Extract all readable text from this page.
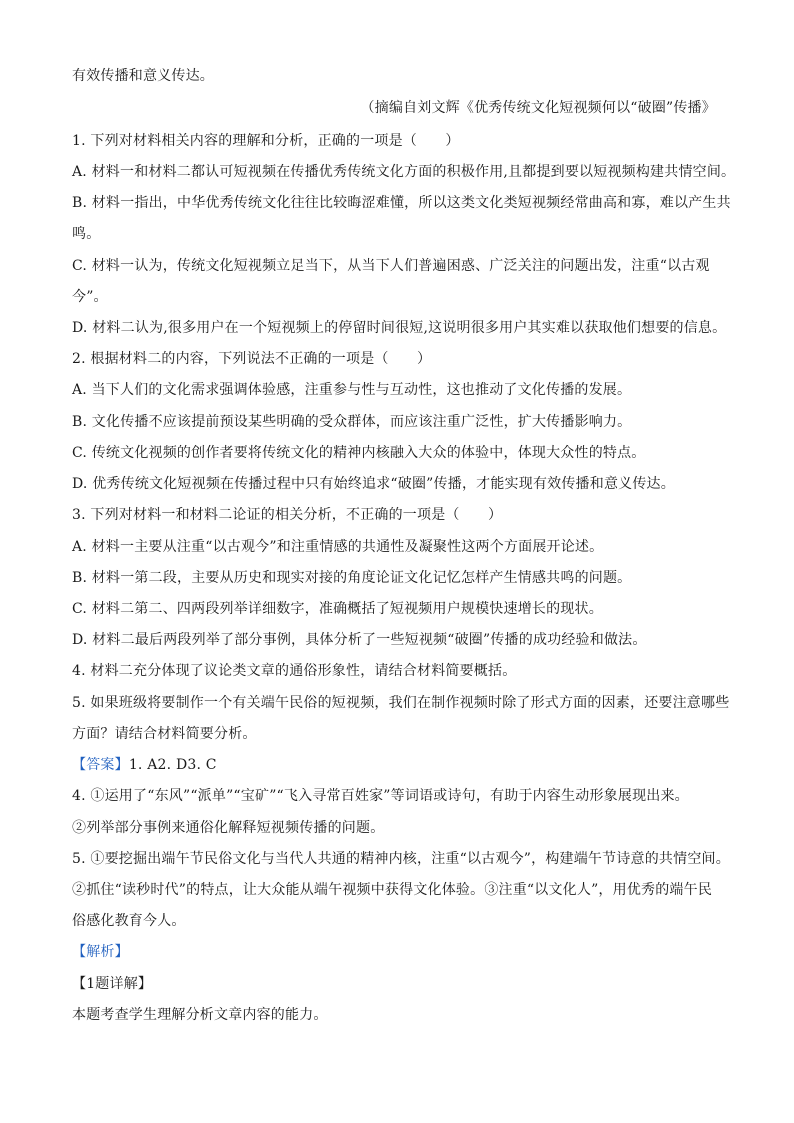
有效传播和意义传达。
（摘编自刘文辉《优秀传统文化短视频何以“破圈”传播》
1. 下列对材料相关内容的理解和分析，正确的一项是（　　）
A. 材料一和材料二都认可短视频在传播优秀传统文化方面的积极作用,且都提到要以短视频构建共情空间。
B. 材料一指出，中华优秀传统文化往往比较晦涩难懂，所以这类文化类短视频经常曲高和寡，难以产生共
鸣。
C. 材料一认为，传统文化短视频立足当下，从当下人们普遍困惑、广泛关注的问题出发，注重“以古观
今”。
D. 材料二认为,很多用户在一个短视频上的停留时间很短,这说明很多用户其实难以获取他们想要的信息。
2. 根据材料二的内容，下列说法不正确的一项是（　　）
A. 当下人们的文化需求强调体验感，注重参与性与互动性，这也推动了文化传播的发展。
B. 文化传播不应该提前预设某些明确的受众群体，而应该注重广泛性，扩大传播影响力。
C. 传统文化视频的创作者要将传统文化的精神内核融入大众的体验中，体现大众性的特点。
D. 优秀传统文化短视频在传播过程中只有始终追求“破圈”传播，才能实现有效传播和意义传达。
3. 下列对材料一和材料二论证的相关分析，不正确的一项是（　　）
A. 材料一主要从注重“以古观今”和注重情感的共通性及凝聚性这两个方面展开论述。
B. 材料一第二段，主要从历史和现实对接的角度论证文化记忆怎样产生情感共鸣的问题。
C. 材料二第二、四两段列举详细数字，准确概括了短视频用户规模快速增长的现状。
D. 材料二最后两段列举了部分事例，具体分析了一些短视频“破圈”传播的成功经验和做法。
4. 材料二充分体现了议论类文章的通俗形象性，请结合材料简要概括。
5. 如果班级将要制作一个有关端午民俗的短视频，我们在制作视频时除了形式方面的因素，还要注意哪些
方面？请结合材料简要分析。
【答案】1. A2. D3. C
4. ①运用了“东风”“派单”“宝矿”“飞入寻常百姓家”等词语或诗句，有助于内容生动形象展现出来。
②列举部分事例来通俗化解释短视频传播的问题。
5. ①要挖掘出端午节民俗文化与当代人共通的精神内核，注重“以古观今”，构建端午节诗意的共情空间。
②抓住“读秒时代”的特点，让大众能从端午视频中获得文化体验。③注重“以文化人”，用优秀的端午民
俗感化教育今人。
【解析】
【1题详解】
本题考查学生理解分析文章内容的能力。
